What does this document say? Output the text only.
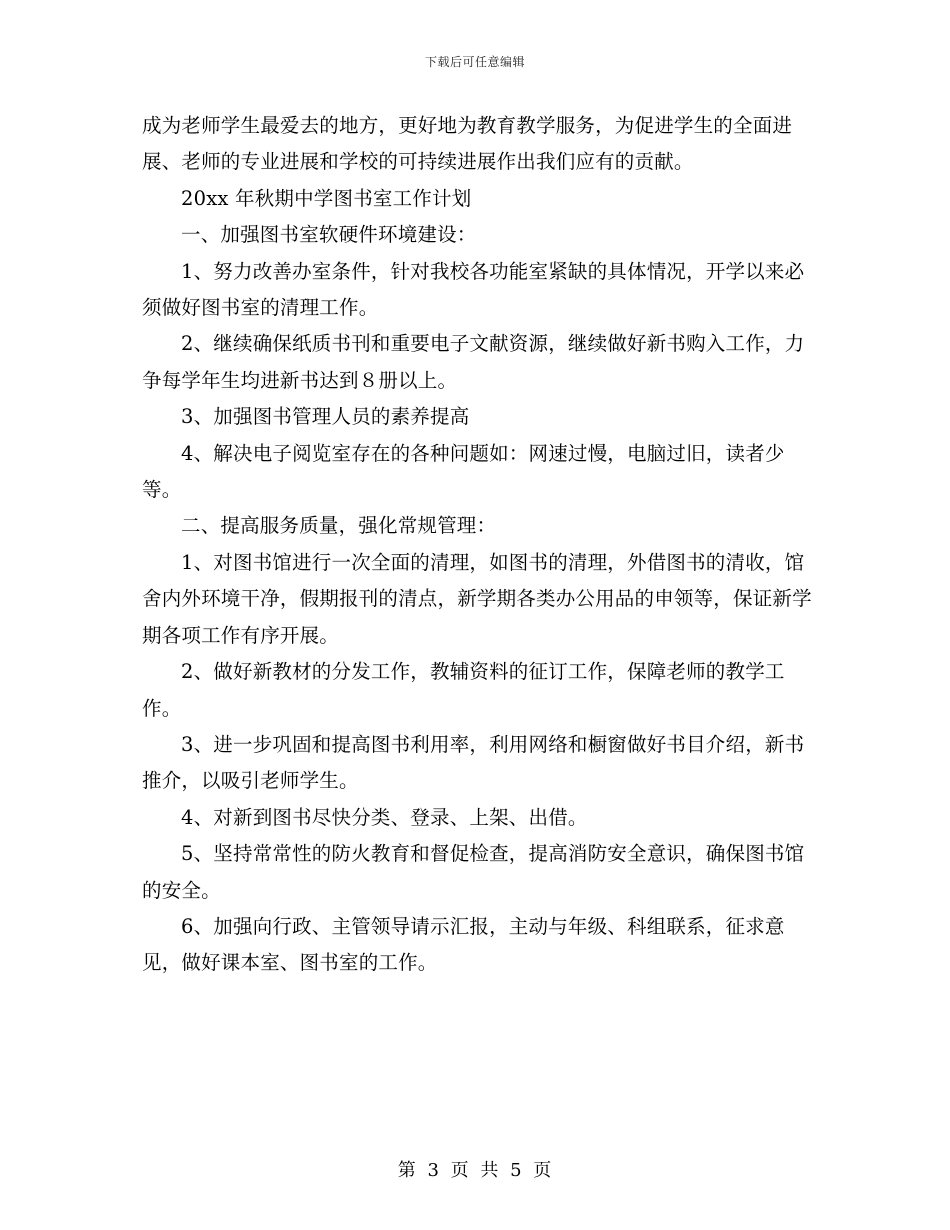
下载后可任意编辑

成为老师学生最爱去的地方，更好地为教育教学服务，为促进学生的全面进展、老师的专业进展和学校的可持续进展作出我们应有的贡献。

20xx 年秋期中学图书室工作计划

一、加强图书室软硬件环境建设：

1、努力改善办室条件，针对我校各功能室紧缺的具体情况，开学以来必须做好图书室的清理工作。

2、继续确保纸质书刊和重要电子文献资源，继续做好新书购入工作，力争每学年生均进新书达到８册以上。

3、加强图书管理人员的素养提高

4、解决电子阅览室存在的各种问题如：网速过慢，电脑过旧，读者少等。

二、提高服务质量，强化常规管理：

1、对图书馆进行一次全面的清理，如图书的清理，外借图书的清收，馆舍内外环境干净，假期报刊的清点，新学期各类办公用品的申领等，保证新学期各项工作有序开展。

2、做好新教材的分发工作，教辅资料的征订工作，保障老师的教学工作。

3、进一步巩固和提高图书利用率，利用网络和橱窗做好书目介绍，新书推介，以吸引老师学生。

4、对新到图书尽快分类、登录、上架、出借。

5、坚持常常性的防火教育和督促检查，提高消防安全意识，确保图书馆的安全。

6、加强向行政、主管领导请示汇报，主动与年级、科组联系，征求意见，做好课本室、图书室的工作。

第 3 页 共 5 页
